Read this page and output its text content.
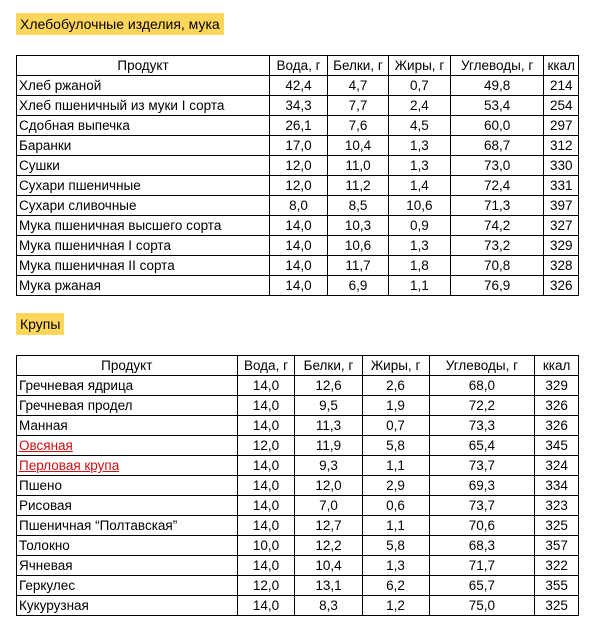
Хлебобулочные изделия, мука
Продукт	Вода, г	Белки, г	Жиры, г	Углеводы, г	ккал
Хлеб ржаной	42,4	4,7	0,7	49,8	214
Хлеб пшеничный из муки I сорта	34,3	7,7	2,4	53,4	254
Сдобная выпечка	26,1	7,6	4,5	60,0	297
Баранки	17,0	10,4	1,3	68,7	312
Сушки	12,0	11,0	1,3	73,0	330
Сухари пшеничные	12,0	11,2	1,4	72,4	331
Сухари сливочные	8,0	8,5	10,6	71,3	397
Мука пшеничная высшего сорта	14,0	10,3	0,9	74,2	327
Мука пшеничная I сорта	14,0	10,6	1,3	73,2	329
Мука пшеничная II сорта	14,0	11,7	1,8	70,8	328
Мука ржаная	14,0	6,9	1,1	76,9	326
Крупы
Продукт	Вода, г	Белки, г	Жиры, г	Углеводы, г	ккал
Гречневая ядрица	14,0	12,6	2,6	68,0	329
Гречневая продел	14,0	9,5	1,9	72,2	326
Манная	14,0	11,3	0,7	73,3	326
Овсяная	12,0	11,9	5,8	65,4	345
Перловая крупа	14,0	9,3	1,1	73,7	324
Пшено	14,0	12,0	2,9	69,3	334
Рисовая	14,0	7,0	0,6	73,7	323
Пшеничная “Полтавская”	14,0	12,7	1,1	70,6	325
Толокно	10,0	12,2	5,8	68,3	357
Ячневая	14,0	10,4	1,3	71,7	322
Геркулес	12,0	13,1	6,2	65,7	355
Кукурузная	14,0	8,3	1,2	75,0	325
